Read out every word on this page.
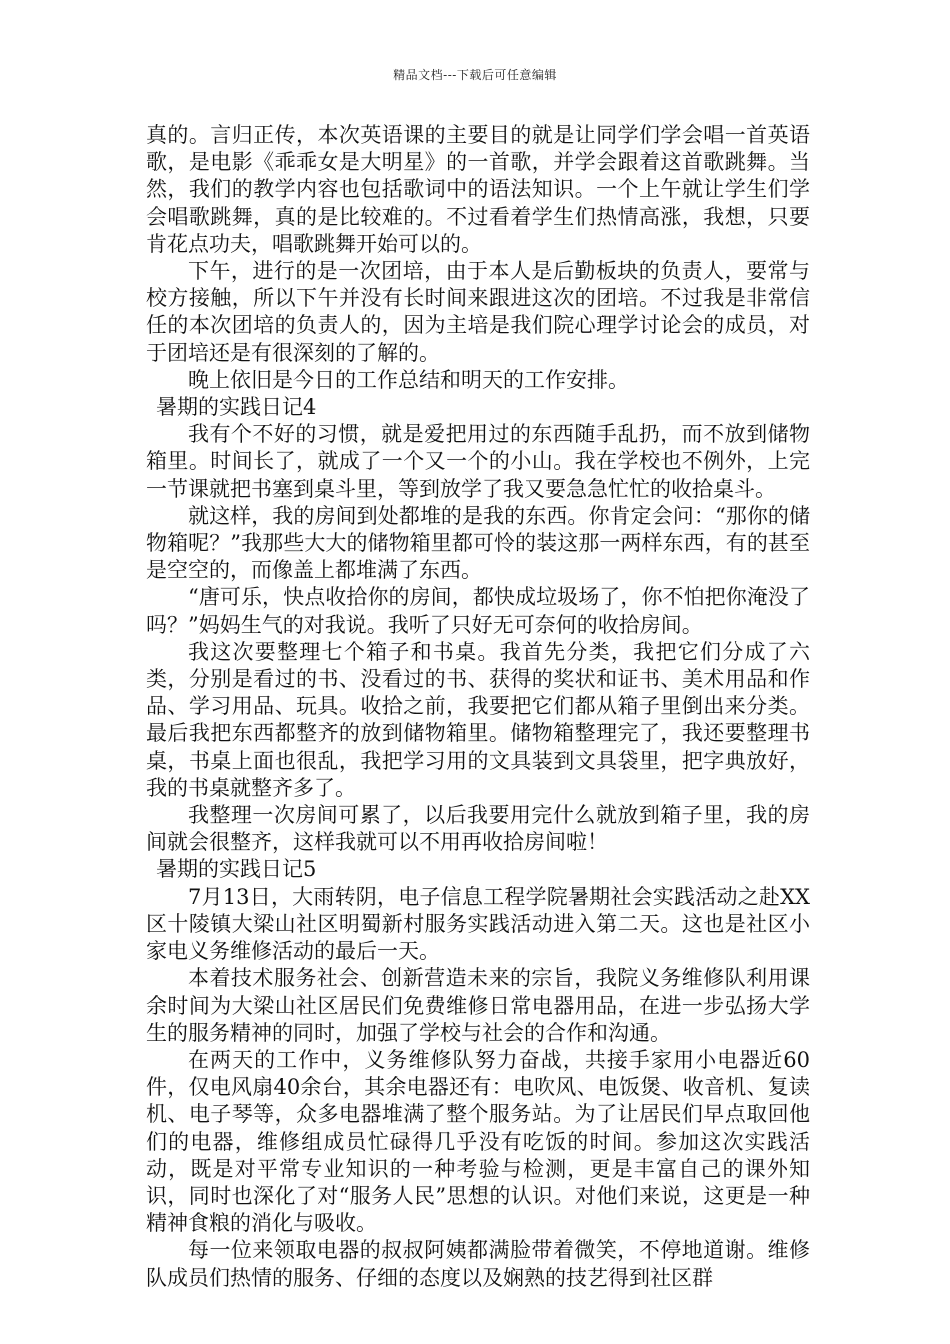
精品文档---下载后可任意编辑

真的。言归正传，本次英语课的主要目的就是让同学们学会唱一首英语歌，是电影《乖乖女是大明星》的一首歌，并学会跟着这首歌跳舞。当然，我们的教学内容也包括歌词中的语法知识。一个上午就让学生们学会唱歌跳舞，真的是比较难的。不过看着学生们热情高涨，我想，只要肯花点功夫，唱歌跳舞开始可以的。

下午，进行的是一次团培，由于本人是后勤板块的负责人，要常与校方接触，所以下午并没有长时间来跟进这次的团培。不过我是非常信任的本次团培的负责人的，因为主培是我们院心理学讨论会的成员，对于团培还是有很深刻的了解的。

晚上依旧是今日的工作总结和明天的工作安排。

暑期的实践日记4

我有个不好的习惯，就是爱把用过的东西随手乱扔，而不放到储物箱里。时间长了，就成了一个又一个的小山。我在学校也不例外，上完一节课就把书塞到桌斗里，等到放学了我又要急急忙忙的收拾桌斗。

就这样，我的房间到处都堆的是我的东西。你肯定会问：“那你的储物箱呢？”我那些大大的储物箱里都可怜的装这那一两样东西，有的甚至是空空的，而像盖上都堆满了东西。

“唐可乐，快点收拾你的房间，都快成垃圾场了，你不怕把你淹没了吗？”妈妈生气的对我说。我听了只好无可奈何的收拾房间。

我这次要整理七个箱子和书桌。我首先分类，我把它们分成了六类，分别是看过的书、没看过的书、获得的奖状和证书、美术用品和作品、学习用品、玩具。收拾之前，我要把它们都从箱子里倒出来分类。最后我把东西都整齐的放到储物箱里。储物箱整理完了，我还要整理书桌，书桌上面也很乱，我把学习用的文具装到文具袋里，把字典放好，我的书桌就整齐多了。

我整理一次房间可累了，以后我要用完什么就放到箱子里，我的房间就会很整齐，这样我就可以不用再收拾房间啦！

暑期的实践日记5

7月13日，大雨转阴，电子信息工程学院暑期社会实践活动之赴XX区十陵镇大梁山社区明蜀新村服务实践活动进入第二天。这也是社区小家电义务维修活动的最后一天。

本着技术服务社会、创新营造未来的宗旨，我院义务维修队利用课余时间为大梁山社区居民们免费维修日常电器用品，在进一步弘扬大学生的服务精神的同时，加强了学校与社会的合作和沟通。

在两天的工作中，义务维修队努力奋战，共接手家用小电器近60件，仅电风扇40余台，其余电器还有：电吹风、电饭煲、收音机、复读机、电子琴等，众多电器堆满了整个服务站。为了让居民们早点取回他们的电器，维修组成员忙碌得几乎没有吃饭的时间。参加这次实践活动，既是对平常专业知识的一种考验与检测，更是丰富自己的课外知识，同时也深化了对“服务人民”思想的认识。对他们来说，这更是一种精神食粮的消化与吸收。

每一位来领取电器的叔叔阿姨都满脸带着微笑，不停地道谢。维修队成员们热情的服务、仔细的态度以及娴熟的技艺得到社区群
